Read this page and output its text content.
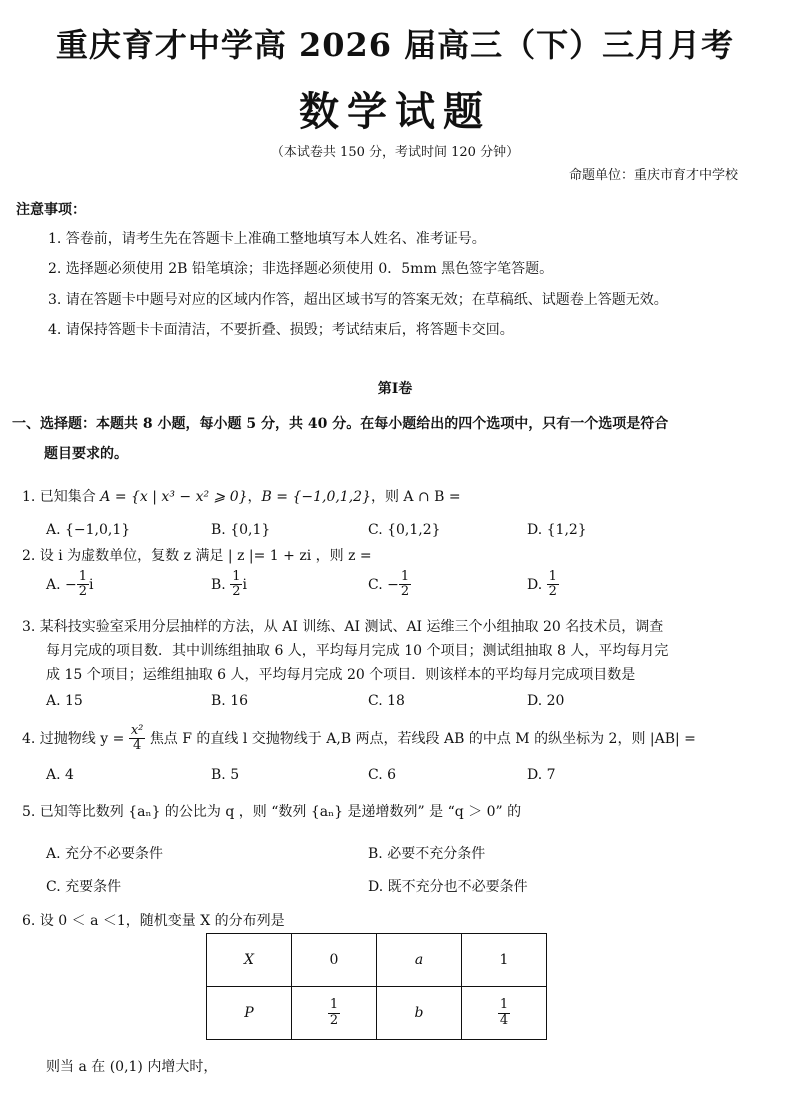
重庆育才中学高 2026 届高三（下）三月月考
数学试题
（本试卷共 150 分，考试时间 120 分钟）
命题单位：重庆市育才中学校
注意事项：
1. 答卷前，请考生先在答题卡上准确工整地填写本人姓名、准考证号。
2. 选择题必须使用 2B 铅笔填涂；非选择题必须使用 0．5mm 黑色签字笔答题。
3. 请在答题卡中题号对应的区域内作答，超出区域书写的答案无效；在草稿纸、试题卷上答题无效。
4. 请保持答题卡卡面清洁，不要折叠、损毁；考试结束后，将答题卡交回。
第I卷
一、选择题：本题共 8 小题，每小题 5 分，共 40 分。在每小题给出的四个选项中，只有一个选项是符合
题目要求的。
1. 已知集合 A = {x | x³ − x² ⩾ 0}，B = {−1,0,1,2}，则 A ∩ B =
A. {−1,0,1}	B. {0,1}	C. {0,1,2}	D. {1,2}
2. 设 i 为虚数单位，复数 z 满足 | z |= 1 + zi ，则 z =
A. − $\frac{1}{2}$ i	B. $\frac{1}{2}$ i	C. − $\frac{1}{2}$	D. $\frac{1}{2}$
3. 某科技实验室采用分层抽样的方法，从 AI 训练、AI 测试、AI 运维三个小组抽取 20 名技术员，调查
每月完成的项目数．其中训练组抽取 6 人，平均每月完成 10 个项目；测试组抽取 8 人，平均每月完
成 15 个项目；运维组抽取 6 人，平均每月完成 20 个项目．则该样本的平均每月完成项目数是
A. 15	B. 16	C. 18	D. 20
4. 过抛物线 $y = \frac{\text{x²}}{4}$ 焦点 F 的直线 l 交抛物线于 A,B 两点，若线段 AB 的中点 M 的纵坐标为 2，则 |AB| =
A. 4	B. 5	C. 6	D. 7
5. 已知等比数列 {aₙ} 的公比为 q ，则 “数列 {aₙ} 是递增数列” 是 “q ＞ 0” 的
A. 充分不必要条件	B. 必要不充分条件
C. 充要条件	D. 既不充分也不必要条件
6. 设 0 ＜ a ＜1，随机变量 X 的分布列是
X	0	a	1
P	$\frac{1}{2}$	b	$\frac{1}{4}$
则当 a 在 (0,1) 内增大时，
